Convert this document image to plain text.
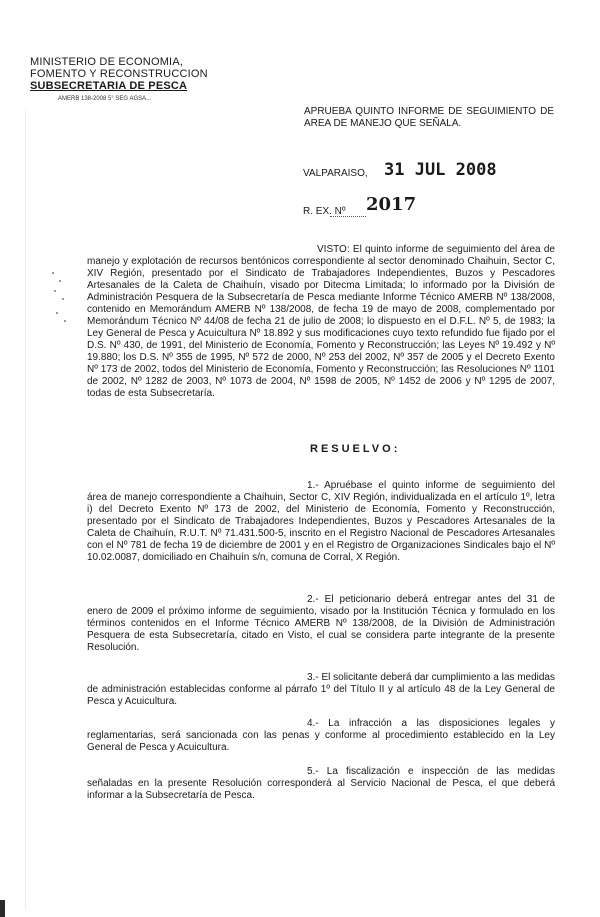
MINISTERIO DE ECONOMIA,
FOMENTO Y RECONSTRUCCION
SUBSECRETARIA DE PESCA
AMERB 138-2008 5° SEG AGSA...
APRUEBA QUINTO INFORME DE SEGUIMIENTO DE AREA DE MANEJO QUE SEÑALA.
VALPARAISO, 31 JUL 2008
R. EX. Nº 2017
VISTO: El quinto informe de seguimiento del área de manejo y explotación de recursos bentónicos correspondiente al sector denominado Chaihuin, Sector C, XIV Región, presentado por el Sindicato de Trabajadores Independientes, Buzos y Pescadores Artesanales de la Caleta de Chaihuín, visado por Ditecma Limitada; lo informado por la División de Administración Pesquera de la Subsecretaría de Pesca mediante Informe Técnico AMERB Nº 138/2008, contenido en Memorándum AMERB Nº 138/2008, de fecha 19 de mayo de 2008, complementado por Memorándum Técnico Nº 44/08 de fecha 21 de julio de 2008; lo dispuesto en el D.F.L. Nº 5, de 1983; la Ley General de Pesca y Acuicultura Nº 18.892 y sus modificaciones cuyo texto refundido fue fijado por el D.S. Nº 430, de 1991, del Ministerio de Economía, Fomento y Reconstrucción; las Leyes Nº 19.492 y Nº 19.880; los D.S. Nº 355 de 1995, Nº 572 de 2000, Nº 253 del 2002, Nº 357 de 2005 y el Decreto Exento Nº 173 de 2002, todos del Ministerio de Economía, Fomento y Reconstrucción; las Resoluciones Nº 1101 de 2002, Nº 1282 de 2003, Nº 1073 de 2004, Nº 1598 de 2005, Nº 1452 de 2006 y Nº 1295 de 2007, todas de esta Subsecretaría.
RESUELVO:
1.- Apruébase el quinto informe de seguimiento del área de manejo correspondiente a Chaihuin, Sector C, XIV Región, individualizada en el artículo 1º, letra i) del Decreto Exento Nº 173 de 2002, del Ministerio de Economía, Fomento y Reconstrucción, presentado por el Sindicato de Trabajadores Independientes, Buzos y Pescadores Artesanales de la Caleta de Chaihuín, R.U.T. Nº 71.431.500-5, inscrito en el Registro Nacional de Pescadores Artesanales con el Nº 781 de fecha 19 de diciembre de 2001 y en el Registro de Organizaciones Sindicales bajo el Nº 10.02.0087, domiciliado en Chaihuín s/n, comuna de Corral, X Región.
2.- El peticionario deberá entregar antes del 31 de enero de 2009 el próximo informe de seguimiento, visado por la Institución Técnica y formulado en los términos contenidos en el Informe Técnico AMERB Nº 138/2008, de la División de Administración Pesquera de esta Subsecretaría, citado en Visto, el cual se considera parte integrante de la presente Resolución.
3.- El solicitante deberá dar cumplimiento a las medidas de administración establecidas conforme al párrafo 1º del Título II y al artículo 48 de la Ley General de Pesca y Acuicultura.
4.- La infracción a las disposiciones legales y reglamentarias, será sancionada con las penas y conforme al procedimiento establecido en la Ley General de Pesca y Acuicultura.
5.- La fiscalización e inspección de las medidas señaladas en la presente Resolución corresponderá al Servicio Nacional de Pesca, el que deberá informar a la Subsecretaría de Pesca.
